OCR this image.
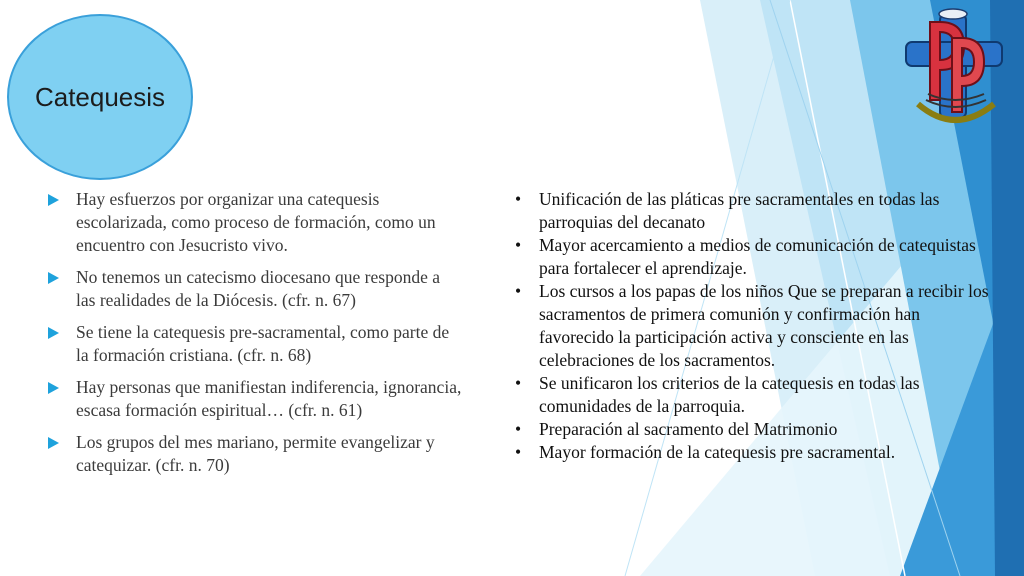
Catequesis
Hay esfuerzos por organizar una catequesis escolarizada, como proceso de formación, como un encuentro con Jesucristo vivo.
No tenemos un catecismo diocesano que responde a las realidades de la Diócesis. (cfr. n. 67)
Se tiene la catequesis pre-sacramental, como parte de la formación cristiana. (cfr. n. 68)
Hay personas que manifiestan indiferencia, ignorancia, escasa formación espiritual… (cfr. n. 61)
Los grupos del mes mariano, permite evangelizar y catequizar. (cfr. n. 70)
• Unificación de las pláticas pre sacramentales en todas las parroquias del decanato
• Mayor acercamiento a medios de comunicación de catequistas para fortalecer el aprendizaje.
• Los cursos a los papas de los niños Que se preparan a recibir los sacramentos de primera comunión y confirmación han favorecido la participación activa y consciente en las celebraciones de los sacramentos.
• Se unificaron los criterios de la catequesis en todas las comunidades de la parroquia.
• Preparación al sacramento del Matrimonio
• Mayor formación de la catequesis pre sacramental.
